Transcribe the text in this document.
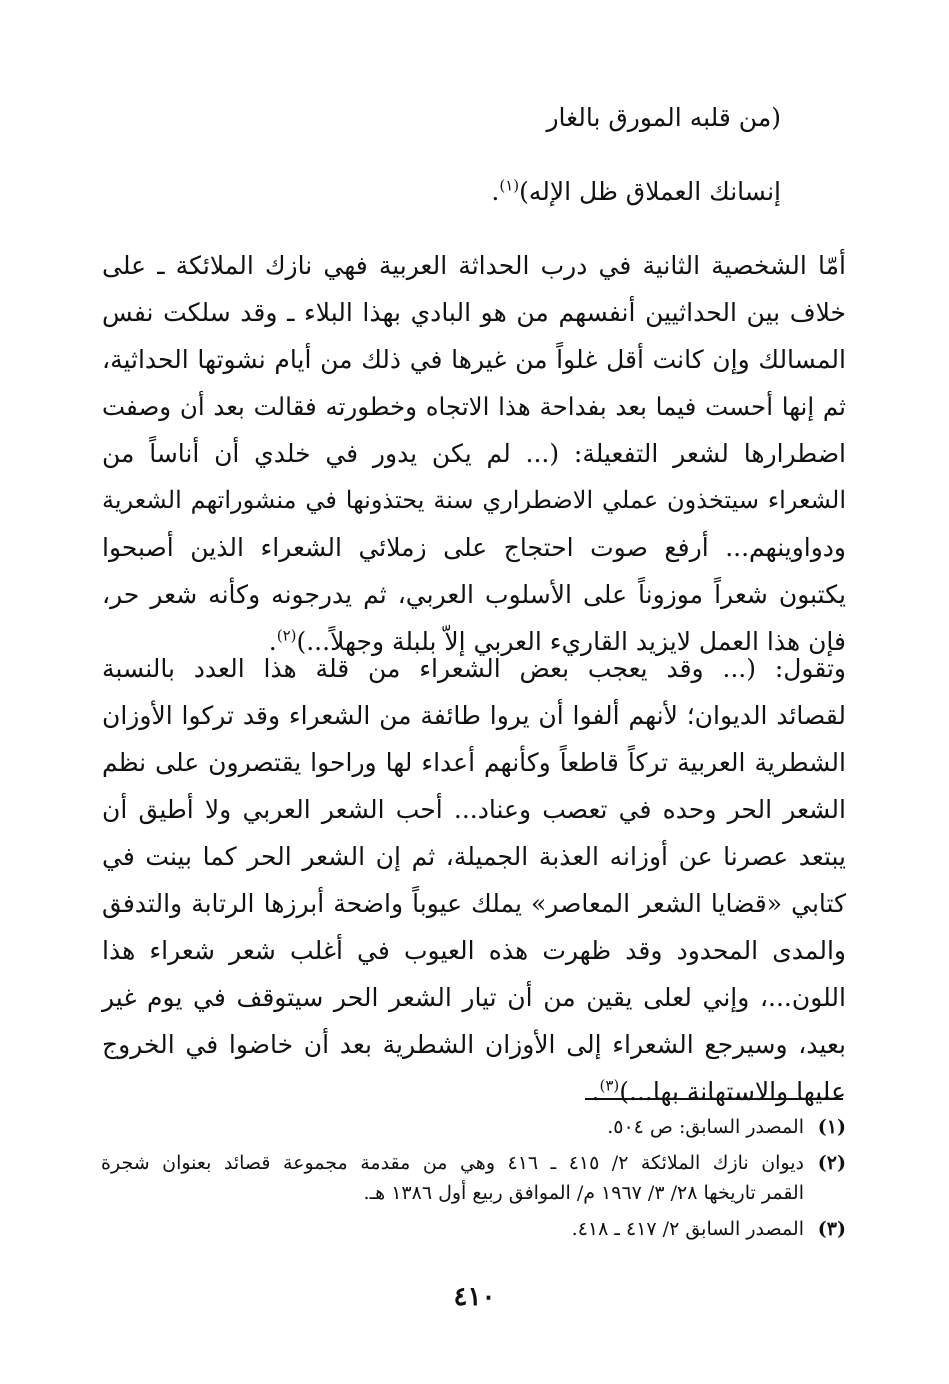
(من قلبه المورق بالغار
إنسانك العملاق ظل الإله)$^{(١)}$.
أمّا الشخصية الثانية في درب الحداثة العربية فهي نازك الملائكة ـ على
خلاف بين الحداثيين أنفسهم من هو البادي بهذا البلاء ـ وقد سلكت نفس
المسالك وإن كانت أقل غلواً من غيرها في ذلك من أيام نشوتها الحداثية،
ثم إنها أحست فيما بعد بفداحة هذا الاتجاه وخطورته فقالت بعد أن وصفت
اضطرارها لشعر التفعيلة: (... لم يكن يدور في خلدي أن أناساً من
الشعراء سيتخذون عملي الاضطراري سنة يحتذونها في منشوراتهم الشعرية
ودواوينهم... أرفع صوت احتجاج على زملائي الشعراء الذين أصبحوا
يكتبون شعراً موزوناً على الأسلوب العربي، ثم يدرجونه وكأنه شعر حر،
فإن هذا العمل لايزيد القاريء العربي إلاّ بلبلة وجهلاً...)$^{(٢)}$.
وتقول: (... وقد يعجب بعض الشعراء من قلة هذا العدد بالنسبة
لقصائد الديوان؛ لأنهم ألفوا أن يروا طائفة من الشعراء وقد تركوا الأوزان
الشطرية العربية تركاً قاطعاً وكأنهم أعداء لها وراحوا يقتصرون على نظم
الشعر الحر وحده في تعصب وعناد... أحب الشعر العربي ولا أطيق أن
يبتعد عصرنا عن أوزانه العذبة الجميلة، ثم إن الشعر الحر كما بينت في
كتابي «قضايا الشعر المعاصر» يملك عيوباً واضحة أبرزها الرتابة والتدفق
والمدى المحدود وقد ظهرت هذه العيوب في أغلب شعر شعراء هذا
اللون...، وإني لعلى يقين من أن تيار الشعر الحر سيتوقف في يوم غير
بعيد، وسيرجع الشعراء إلى الأوزان الشطرية بعد أن خاضوا في الخروج
عليها والاستهانة بها...)$^{(٣)}$.
(١)
المصدر السابق: ص ٥٠٤.
(٢)
ديوان نازك الملائكة ٢/ ٤١٥ ـ ٤١٦ وهي من مقدمة مجموعة قصائد بعنوان شجرة
القمر تاريخها ٢٨/ ٣/ ١٩٦٧ م/ الموافق ربيع أول ١٣٨٦ هـ.
(٣)
المصدر السابق ٢/ ٤١٧ ـ ٤١٨.
٤١٠
